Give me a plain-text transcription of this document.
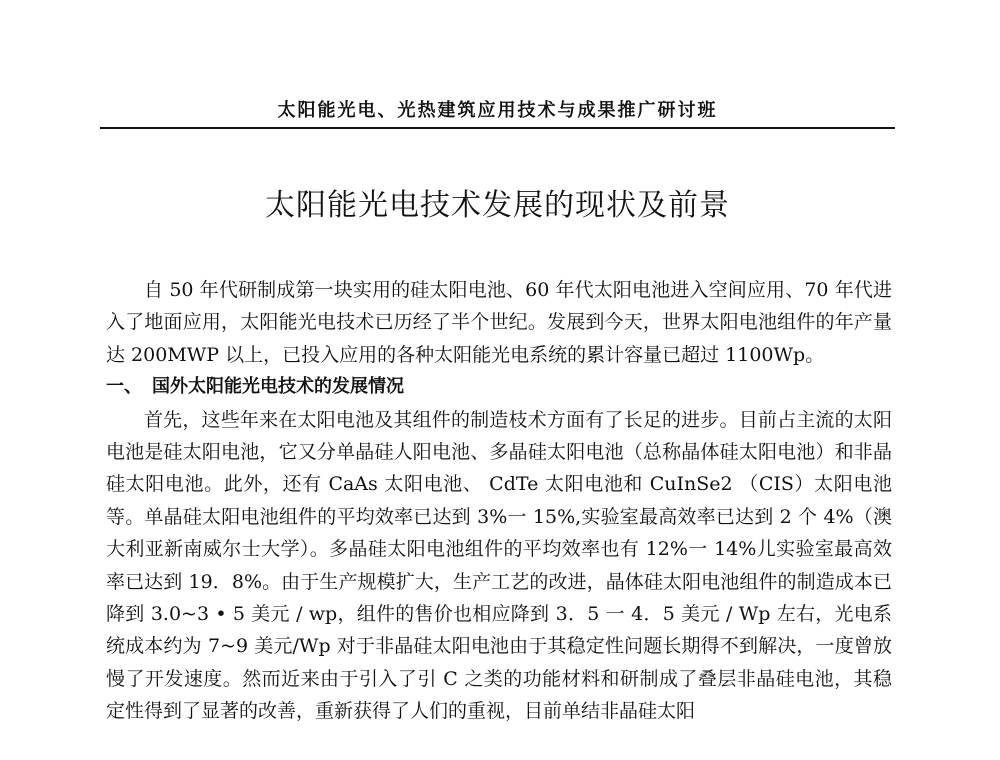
太阳能光电、光热建筑应用技术与成果推广研讨班
太阳能光电技术发展的现状及前景

自 50 年代研制成第一块实用的硅太阳电池、60 年代太阳电池进入空间应用、70 年代进入了地面应用，太阳能光电技术已历经了半个世纪。发展到今天，世界太阳电池组件的年产量达 200MWP 以上，已投入应用的各种太阳能光电系统的累计容量已超过 1100Wp。

一、 国外太阳能光电技术的发展情况

首先，这些年来在太阳电池及其组件的制造枝术方面有了长足的进步。目前占主流的太阳电池是硅太阳电池，它又分单晶硅人阳电池、多晶硅太阳电池（总称晶体硅太阳电池）和非晶硅太阳电池。此外，还有 CaAs 太阳电池、 CdTe 太阳电池和 CuInSe2 （CIS）太阳电池等。单晶硅太阳电池组件的平均效率已达到 3%一 15%,实验室最高效率已达到 2 个 4%（澳大利亚新南威尔士大学）。多晶硅太阳电池组件的平均效率也有 12%一 14%儿实验室最高效率已达到 19．8%。由于生产规模扩大，生产工艺的改进，晶体硅太阳电池组件的制造成本已降到 3.0~3 • 5 美元 / wp，组件的售价也相应降到 3．5 一 4．5 美元 / Wp 左右，光电系统成本约为 7~9 美元/Wp 对于非晶硅太阳电池由于其稳定性问题长期得不到解决，一度曾放慢了开发速度。然而近来由于引入了引 C 之类的功能材料和研制成了叠层非晶硅电池，其稳定性得到了显著的改善，重新获得了人们的重视，目前单结非晶硅太阳
